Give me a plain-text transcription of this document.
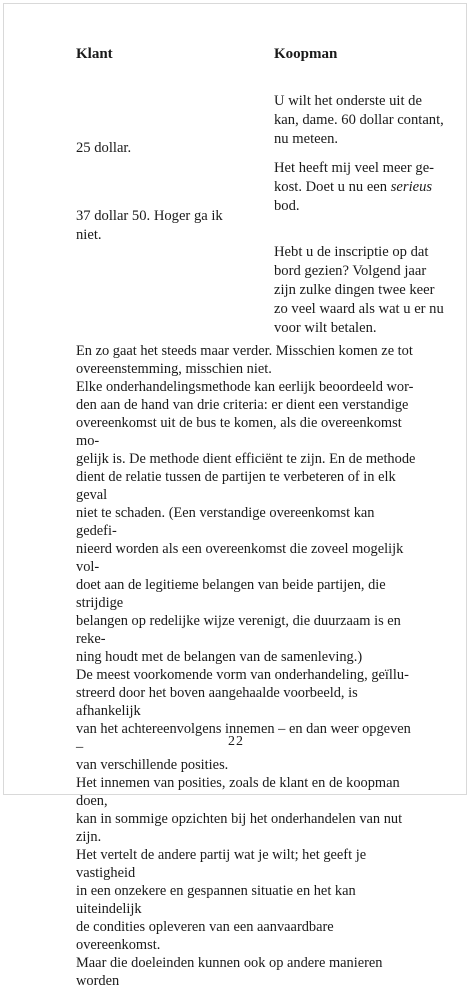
Klant	Koopman
U wilt het onderste uit de
kan, dame. 60 dollar contant,
nu meteen.
25 dollar.
Het heeft mij veel meer ge-
kost. Doet u nu een serieus
bod.
37 dollar 50. Hoger ga ik
niet.
Hebt u de inscriptie op dat
bord gezien? Volgend jaar
zijn zulke dingen twee keer
zo veel waard als wat u er nu
voor wilt betalen.

En zo gaat het steeds maar verder. Misschien komen ze tot
overeenstemming, misschien niet.

Elke onderhandelingsmethode kan eerlijk beoordeeld wor-
den aan de hand van drie criteria: er dient een verstandige
overeenkomst uit de bus te komen, als die overeenkomst mo-
gelijk is. De methode dient efficiënt te zijn. En de methode
dient de relatie tussen de partijen te verbeteren of in elk geval
niet te schaden. (Een verstandige overeenkomst kan gedefi-
nieerd worden als een overeenkomst die zoveel mogelijk vol-
doet aan de legitieme belangen van beide partijen, die strijdige
belangen op redelijke wijze verenigt, die duurzaam is en reke-
ning houdt met de belangen van de samenleving.)

De meest voorkomende vorm van onderhandeling, geïllu-
streerd door het boven aangehaalde voorbeeld, is afhankelijk
van het achtereenvolgens innemen – en dan weer opgeven –
van verschillende posities.

Het innemen van posities, zoals de klant en de koopman doen,
kan in sommige opzichten bij het onderhandelen van nut zijn.
Het vertelt de andere partij wat je wilt; het geeft je vastigheid
in een onzekere en gespannen situatie en het kan uiteindelijk
de condities opleveren van een aanvaardbare overeenkomst.
Maar die doeleinden kunnen ook op andere manieren worden

22
